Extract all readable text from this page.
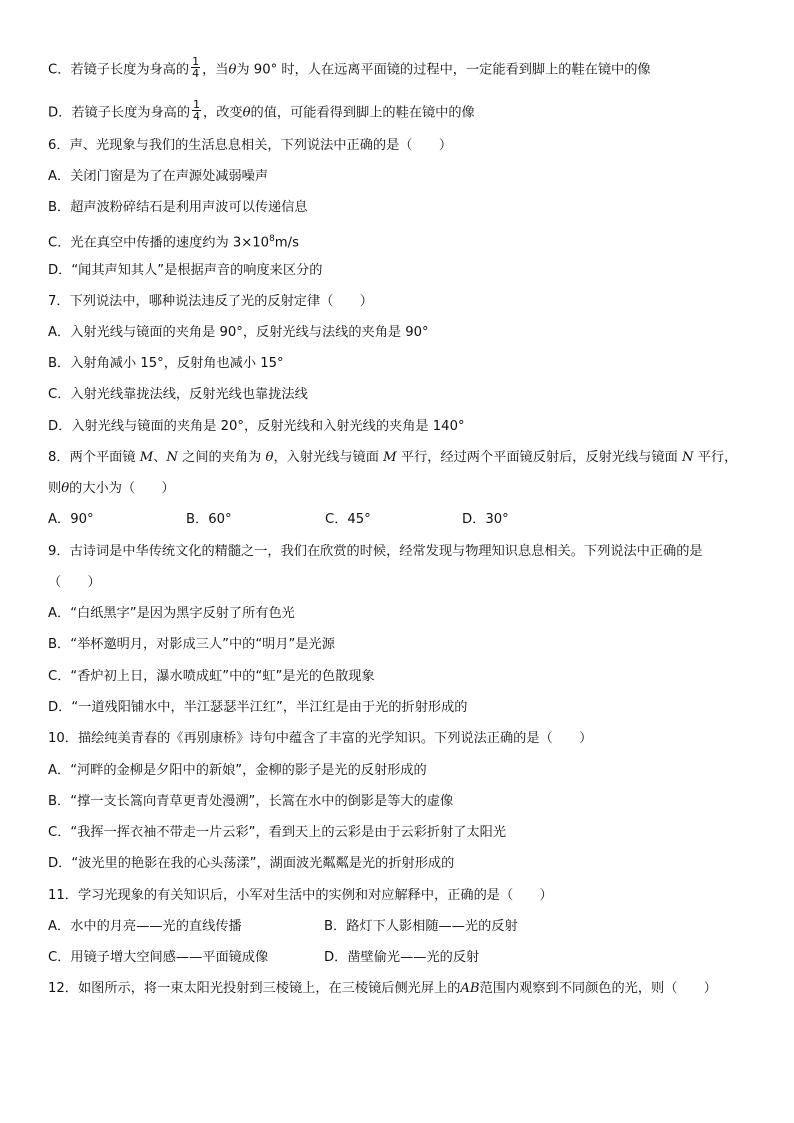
C．若镜子长度为身高的 $\frac{1}{4}$ ，当θ为 90° 时，人在远离平面镜的过程中，一定能看到脚上的鞋在镜中的像
D．若镜子长度为身高的 $\frac{1}{4}$ ，改变θ的值，可能看得到脚上的鞋在镜中的像
6．声、光现象与我们的生活息息相关，下列说法中正确的是（　　）
A．关闭门窗是为了在声源处减弱噪声
B．超声波粉碎结石是利用声波可以传递信息
C．光在真空中传播的速度约为 $3\times 10^8m/s$
D．“闻其声知其人”是根据声音的响度来区分的
7．下列说法中，哪种说法违反了光的反射定律（　　）
A．入射光线与镜面的夹角是 90°，反射光线与法线的夹角是 90°
B．入射角减小 15°，反射角也减小 15°
C．入射光线靠拢法线，反射光线也靠拢法线
D．入射光线与镜面的夹角是 20°，反射光线和入射光线的夹角是 140°
8．两个平面镜 M、N 之间的夹角为 θ，入射光线与镜面 M 平行，经过两个平面镜反射后，反射光线与镜面 N 平行，
则θ的大小为（　　）
A．90°	B．60°	C．45°	D．30°
9．古诗词是中华传统文化的精髓之一，我们在欣赏的时候，经常发现与物理知识息息相关。下列说法中正确的是
（　　）
A．“白纸黑字”是因为黑字反射了所有色光
B．“举杯邀明月，对影成三人”中的“明月”是光源
C．“香炉初上日，瀑水喷成虹”中的“虹”是光的色散现象
D．“一道残阳铺水中，半江瑟瑟半江红”，半江红是由于光的折射形成的
10．描绘纯美青春的《再别康桥》诗句中蕴含了丰富的光学知识。下列说法正确的是（　　）
A．“河畔的金柳是夕阳中的新娘”，金柳的影子是光的反射形成的
B．“撑一支长篙向青草更青处漫溯”，长篙在水中的倒影是等大的虚像
C．“我挥一挥衣袖不带走一片云彩”，看到天上的云彩是由于云彩折射了太阳光
D．“波光里的艳影在我的心头荡漾”，湖面波光粼粼是光的折射形成的
11．学习光现象的有关知识后，小军对生活中的实例和对应解释中，正确的是（　　）
A．水中的月亮——光的直线传播	B．路灯下人影相随——光的反射
C．用镜子增大空间感——平面镜成像	D．凿壁偷光——光的反射
12．如图所示，将一束太阳光投射到三棱镜上，在三棱镜后侧光屏上的AB范围内观察到不同颜色的光，则（　　）
